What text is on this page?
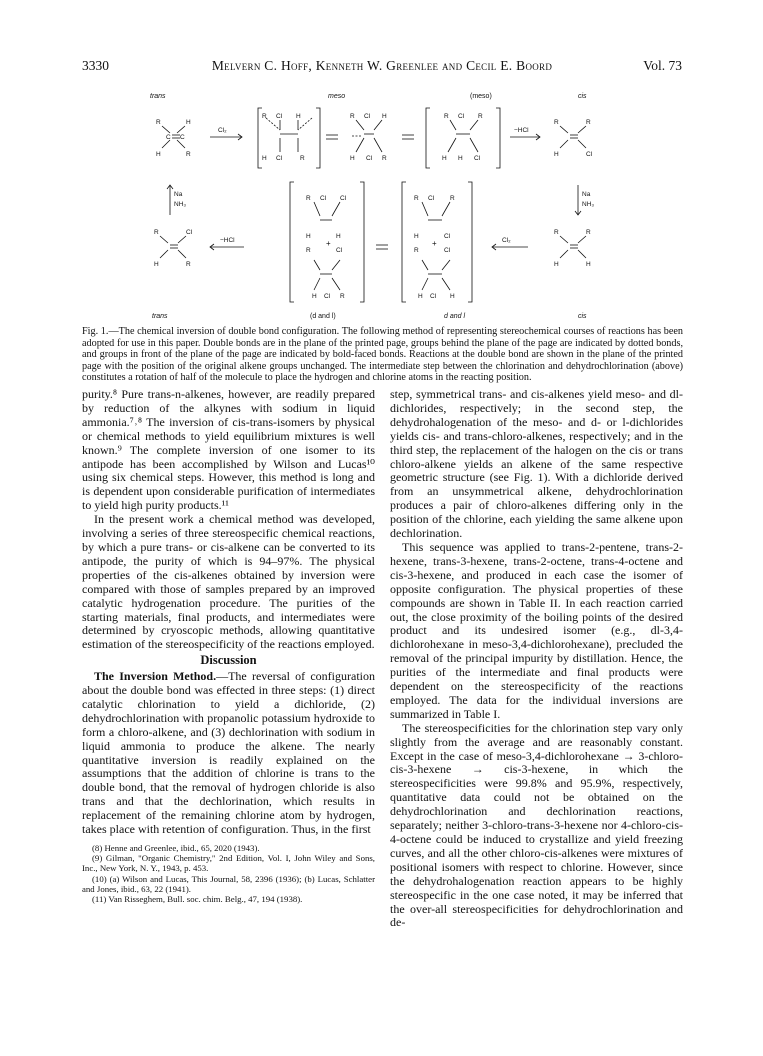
3330	Melvern C. Hoff, Kenneth W. Greenlee and Cecil E. Boord	Vol. 73
trans	meso	(meso)	cis
trans	(d and l)	d and l	cis
R	H
C C
H	R
Cl₂
R Cl H
H Cl	R
R Cl H
H Cl R
R Cl R
H H Cl
−HCl
R	R
H	Cl
Na
NH₃
Na
NH₃
R	Cl
H	R
−HCl
R Cl Cl
H	H
R	Cl
+
H Cl R
R Cl R
H	Cl
R	Cl
+
H Cl H
Cl₂
R	R
H	H
Fig. 1.—The chemical inversion of double bond configuration. The following method of representing stereochemical courses of reactions has been adopted for use in this paper. Double bonds are in the plane of the printed page, groups behind the plane of the page are indicated by dotted bonds, and groups in front of the plane of the page are indicated by bold-faced bonds. Reactions at the double bond are shown in the plane of the printed page with the position of the original alkene groups unchanged. The intermediate step between the chlorination and dehydrochlorination (above) constitutes a rotation of half of the molecule to place the hydrogen and chlorine atoms in the reacting position.

purity.⁸ Pure trans-n-alkenes, however, are readily prepared by reduction of the alkynes with sodium in liquid ammonia.⁷˒⁸ The inversion of cis-trans-isomers by physical or chemical methods to yield equilibrium mixtures is well known.⁹ The complete inversion of one isomer to its antipode has been accomplished by Wilson and Lucas¹⁰ using six chemical steps. However, this method is long and is dependent upon considerable purification of intermediates to yield high purity products.¹¹

In the present work a chemical method was developed, involving a series of three stereospecific chemical reactions, by which a pure trans- or cis-alkene can be converted to its antipode, the purity of which is 94–97%. The physical properties of the cis-alkenes obtained by inversion were compared with those of samples prepared by an improved catalytic hydrogenation procedure. The purities of the starting materials, final products, and intermediates were determined by cryoscopic methods, allowing quantitative estimation of the stereospecificity of the reactions employed.

Discussion

The Inversion Method.—The reversal of configuration about the double bond was effected in three steps: (1) direct catalytic chlorination to yield a dichloride, (2) dehydrochlorination with propanolic potassium hydroxide to form a chloro-alkene, and (3) dechlorination with sodium in liquid ammonia to produce the alkene. The nearly quantitative inversion is readily explained on the assumptions that the addition of chlorine is trans to the double bond, that the removal of hydrogen chloride is also trans and that the dechlorination, which results in replacement of the remaining chlorine atom by hydrogen, takes place with retention of configuration. Thus, in the first

(8) Henne and Greenlee, ibid., 65, 2020 (1943).

(9) Gilman, "Organic Chemistry," 2nd Edition, Vol. I, John Wiley and Sons, Inc., New York, N. Y., 1943, p. 453.

(10) (a) Wilson and Lucas, This Journal, 58, 2396 (1936); (b) Lucas, Schlatter and Jones, ibid., 63, 22 (1941).

(11) Van Risseghem, Bull. soc. chim. Belg., 47, 194 (1938).

step, symmetrical trans- and cis-alkenes yield meso- and dl-dichlorides, respectively; in the second step, the dehydrohalogenation of the meso- and d- or l-dichlorides yields cis- and trans-chloro-alkenes, respectively; and in the third step, the replacement of the halogen on the cis or trans chloro-alkene yields an alkene of the same respective geometric structure (see Fig. 1). With a dichloride derived from an unsymmetrical alkene, dehydrochlorination produces a pair of chloro-alkenes differing only in the position of the chlorine, each yielding the same alkene upon dechlorination.

This sequence was applied to trans-2-pentene, trans-2-hexene, trans-3-hexene, trans-2-octene, trans-4-octene and cis-3-hexene, and produced in each case the isomer of opposite configuration. The physical properties of these compounds are shown in Table II. In each reaction carried out, the close proximity of the boiling points of the desired product and its undesired isomer (e.g., dl-3,4-dichlorohexane in meso-3,4-dichlorohexane), precluded the removal of the principal impurity by distillation. Hence, the purities of the intermediate and final products were dependent on the stereospecificity of the reactions employed. The data for the individual inversions are summarized in Table I.

The stereospecificities for the chlorination step vary only slightly from the average and are reasonably constant. Except in the case of meso-3,4-dichlorohexane → 3-chloro-cis-3-hexene → cis-3-hexene, in which the stereospecificities were 99.8% and 95.9%, respectively, quantitative data could not be obtained on the dehydrochlorination and dechlorination reactions, separately; neither 3-chloro-trans-3-hexene nor 4-chloro-cis-4-octene could be induced to crystallize and yield freezing curves, and all the other chloro-cis-alkenes were mixtures of positional isomers with respect to chlorine. However, since the dehydrohalogenation reaction appears to be highly stereospecific in the one case noted, it may be inferred that the over-all stereospecificities for dehydrochlorination and de-
